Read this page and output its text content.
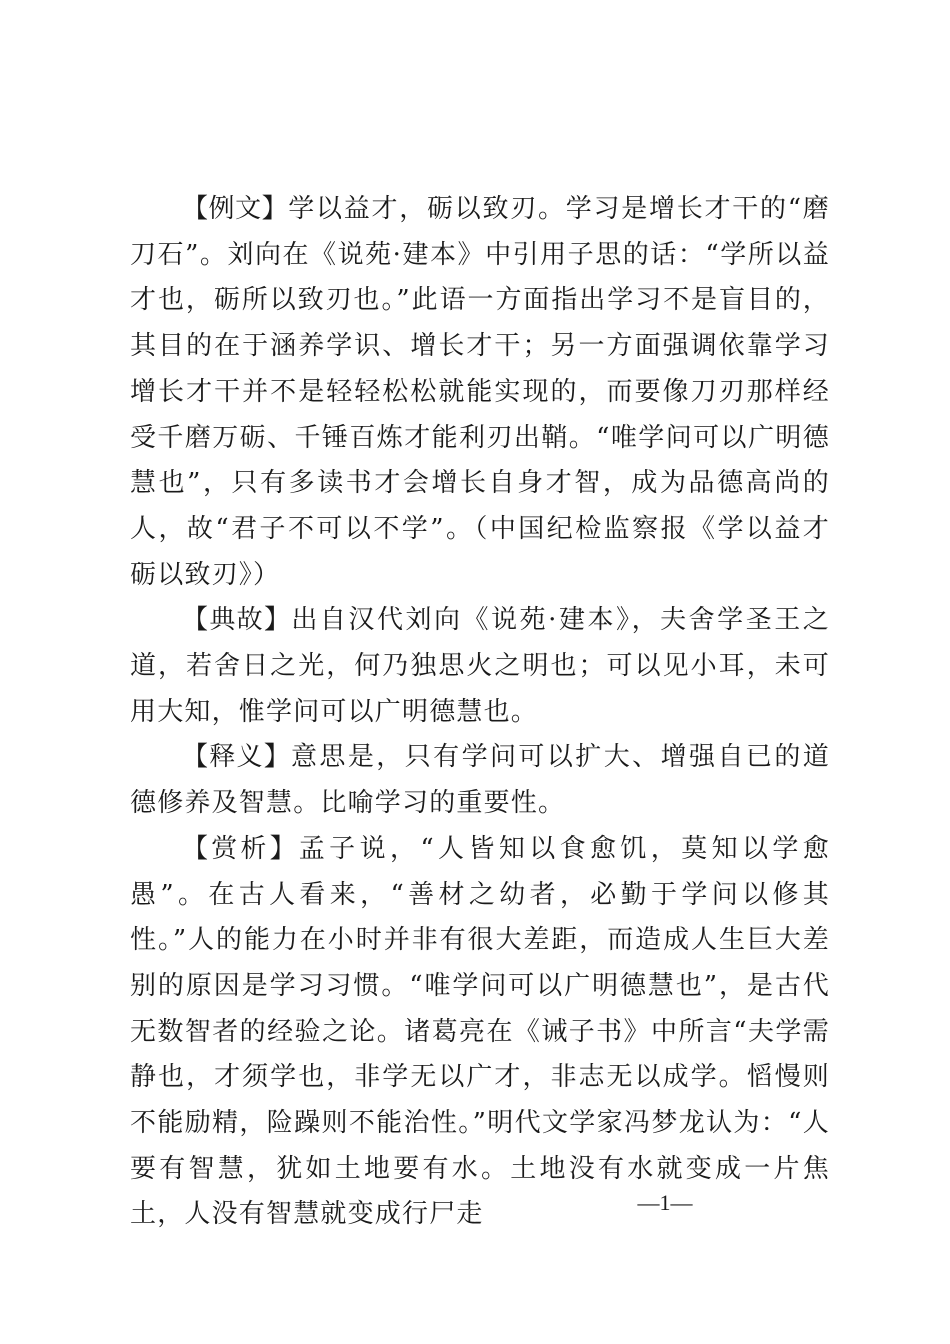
【例文】学以益才，砺以致刃。学习是增长才干的“磨刀石”。刘向在《说苑·建本》中引用子思的话：“学所以益才也，砺所以致刃也。”此语一方面指出学习不是盲目的，其目的在于涵养学识、增长才干；另一方面强调依靠学习增长才干并不是轻轻松松就能实现的，而要像刀刃那样经受千磨万砺、千锤百炼才能利刃出鞘。“唯学问可以广明德慧也”，只有多读书才会增长自身才智，成为品德高尚的人，故“君子不可以不学”。（中国纪检监察报《学以益才 砺以致刃》）

【典故】出自汉代刘向《说苑·建本》，夫舍学圣王之道，若舍日之光，何乃独思火之明也；可以见小耳，未可用大知，惟学问可以广明德慧也。

【释义】意思是，只有学问可以扩大、增强自已的道德修养及智慧。比喻学习的重要性。

【赏析】孟子说，“人皆知以食愈饥，莫知以学愈愚”。在古人看来，“善材之幼者，必勤于学问以修其性。”人的能力在小时并非有很大差距，而造成人生巨大差别的原因是学习习惯。“唯学问可以广明德慧也”，是古代无数智者的经验之论。诸葛亮在《诫子书》中所言“夫学需静也，才须学也，非学无以广才，非志无以成学。慆慢则不能励精，险躁则不能治性。”明代文学家冯梦龙认为：“人要有智慧，犹如土地要有水。土地没有水就变成一片焦土，人没有智慧就变成行尸走	—1—
